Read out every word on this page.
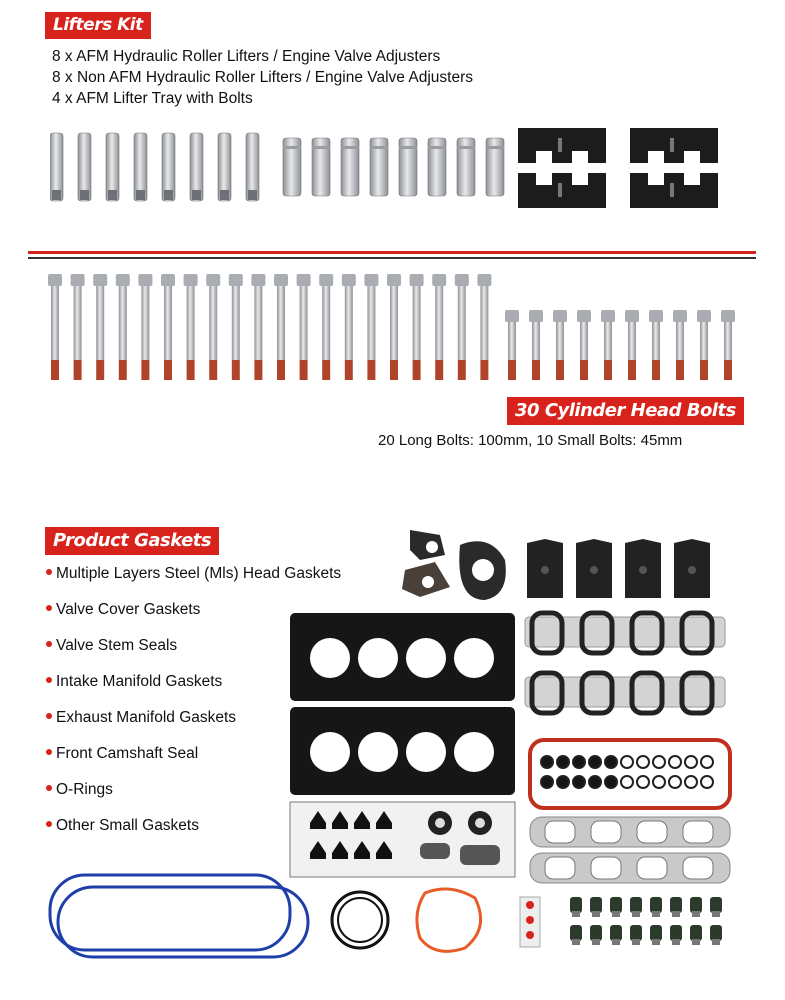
Lifters Kit
8 x AFM Hydraulic Roller Lifters / Engine Valve Adjusters
8 x Non AFM Hydraulic Roller Lifters / Engine Valve Adjusters
4 x AFM Lifter Tray with Bolts
30 Cylinder Head Bolts
20 Long Bolts: 100mm, 10 Small Bolts: 45mm
Product Gaskets
Multiple Layers Steel (Mls) Head Gaskets
Valve Cover Gaskets
Valve Stem Seals
Intake Manifold Gaskets
Exhaust Manifold Gaskets
Front Camshaft Seal
O-Rings
Other Small Gaskets
